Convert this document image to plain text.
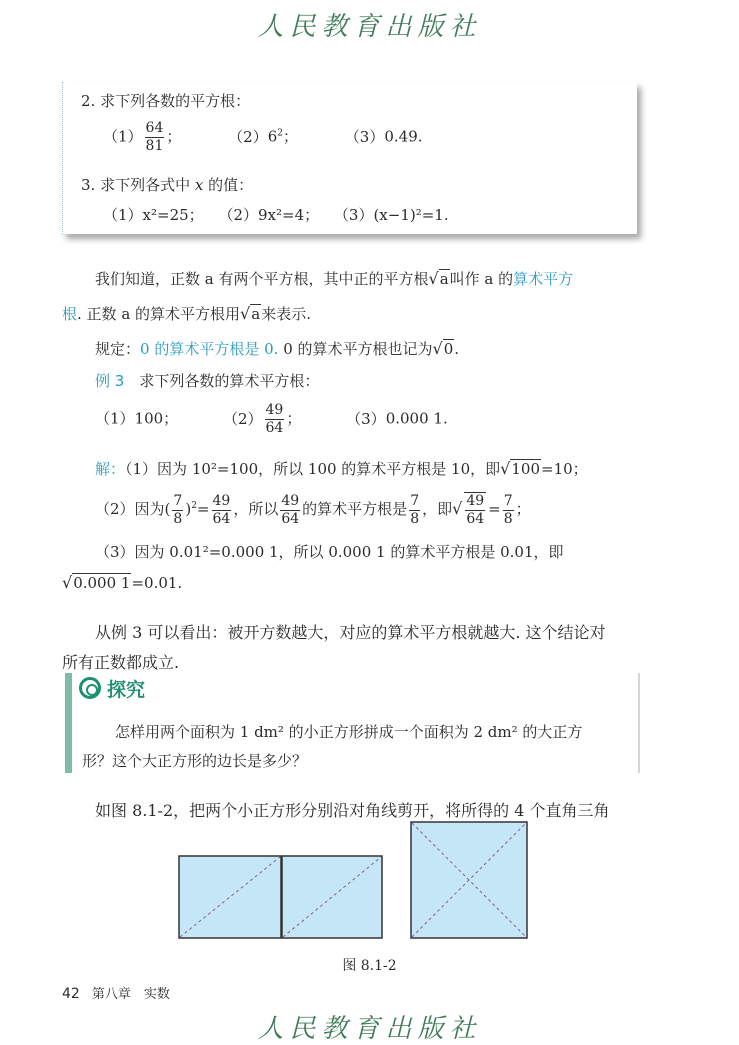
人民教育出版社
2. 求下列各数的平方根：
$(1) \frac{64}{81}$ ；	$(2)6^2$；	（3）0.49.
3. 求下列各式中 x 的值：
（1）x²=25； （2）9x²=4； （3）(x−1)²=1.
我们知道，正数 a 有两个平方根，其中正的平方根√a叫作 a 的算术平方
根. 正数 a 的算术平方根用√a来表示.
规定：0 的算术平方根是 0. 0 的算术平方根也记为√0.
例 3　 求下列各数的算术平方根：
（1）100；	$(2) \frac{49}{64}$ ；	（3）0.000 1.
解：（1）因为 10²=100，所以 100 的算术平方根是 10，即√100=10；
（2）因为( $\frac{7}{8} )^2= \frac{49}{64}$ ，所以 $\frac{49}{64}$ 的算术平方根是 $\frac{7}{8}$ ，即√ $\frac{49}{64} = \frac{7}{8}$ ；
（3）因为 0.01²=0.000 1，所以 0.000 1 的算术平方根是 0.01，即
√0.000 1=0.01.
从例 3 可以看出：被开方数越大，对应的算术平方根就越大. 这个结论对
所有正数都成立.
探究
怎样用两个面积为 1 dm² 的小正方形拼成一个面积为 2 dm² 的大正方
形？这个大正方形的边长是多少？
如图 8.1-2，把两个小正方形分别沿对角线剪开，将所得的 4 个直角三角
图 8.1-2
42 第八章　实数
人民教育出版社
